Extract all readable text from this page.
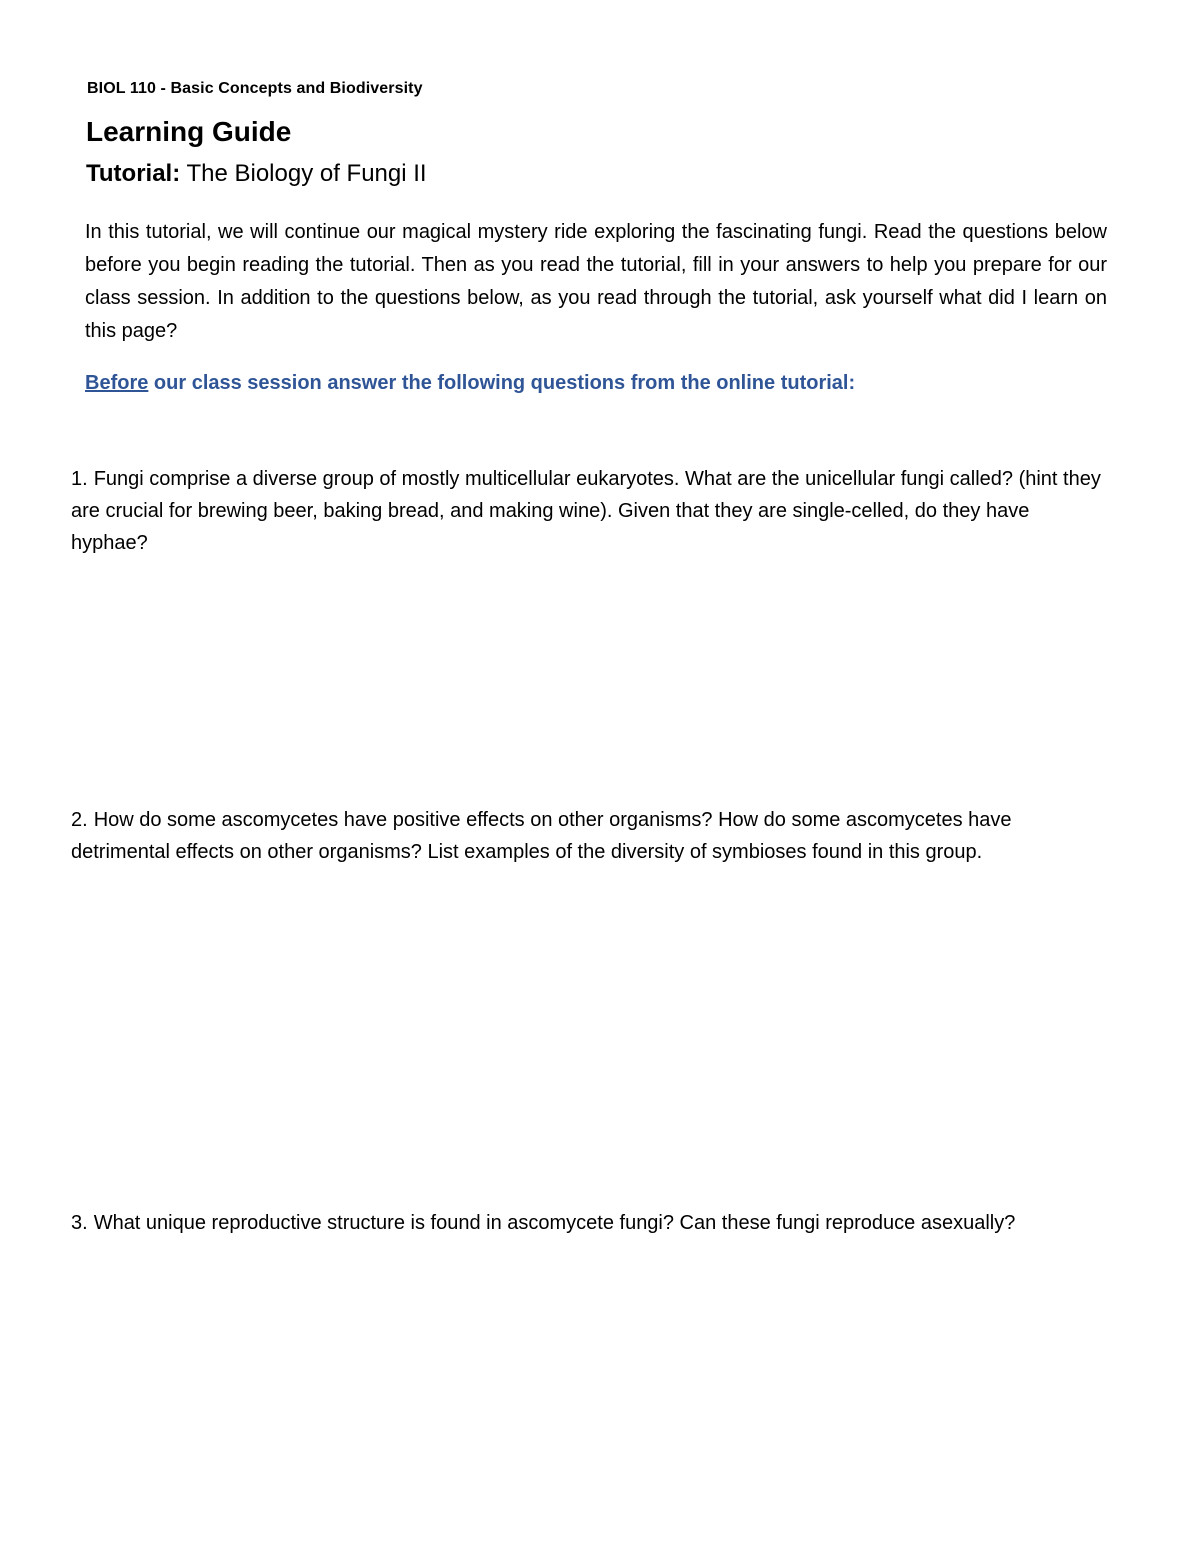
BIOL 110 - Basic Concepts and Biodiversity
Learning Guide
Tutorial: The Biology of Fungi II
In this tutorial, we will continue our magical mystery ride exploring the fascinating fungi. Read the questions below before you begin reading the tutorial. Then as you read the tutorial, fill in your answers to help you prepare for our class session. In addition to the questions below, as you read through the tutorial, ask yourself what did I learn on this page?
Before our class session answer the following questions from the online tutorial:
1. Fungi comprise a diverse group of mostly multicellular eukaryotes. What are the unicellular fungi called? (hint they are crucial for brewing beer, baking bread, and making wine). Given that they are single-celled, do they have hyphae?
2. How do some ascomycetes have positive effects on other organisms? How do some ascomycetes have detrimental effects on other organisms? List examples of the diversity of symbioses found in this group.
3. What unique reproductive structure is found in ascomycete fungi? Can these fungi reproduce asexually?
